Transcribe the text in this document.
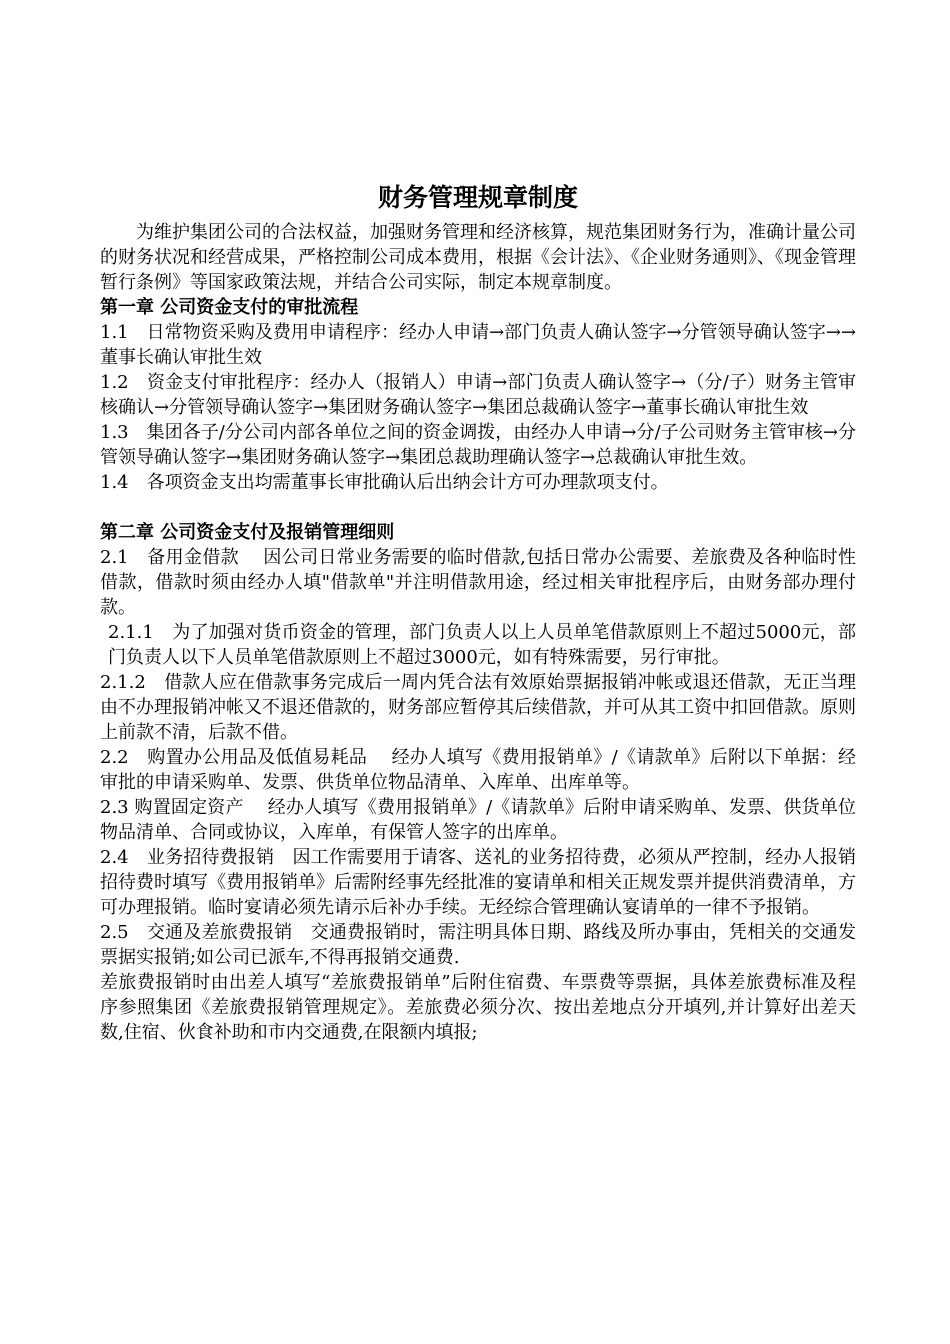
财务管理规章制度

为维护集团公司的合法权益，加强财务管理和经济核算，规范集团财务行为，准确计量公司的财务状况和经营成果，严格控制公司成本费用，根据《会计法》、《企业财务通则》、《现金管理暂行条例》等国家政策法规，并结合公司实际，制定本规章制度。

第一章 公司资金支付的审批流程

1.1　日常物资采购及费用申请程序：经办人申请→部门负责人确认签字→分管领导确认签字→→董事长确认审批生效

1.2　资金支付审批程序：经办人（报销人）申请→部门负责人确认签字→（分/子）财务主管审核确认→分管领导确认签字→集团财务确认签字→集团总裁确认签字→董事长确认审批生效

1.3　集团各子/分公司内部各单位之间的资金调拨，由经办人申请→分/子公司财务主管审核→分管领导确认签字→集团财务确认签字→集团总裁助理确认签字→总裁确认审批生效。

1.4　各项资金支出均需董事长审批确认后出纳会计方可办理款项支付。

第二章 公司资金支付及报销管理细则

2.1　备用金借款　 因公司日常业务需要的临时借款,包括日常办公需要、差旅费及各种临时性借款，借款时须由经办人填"借款单"并注明借款用途，经过相关审批程序后，由财务部办理付款。

2.1.1　为了加强对货币资金的管理，部门负责人以上人员单笔借款原则上不超过5000元，部门负责人以下人员单笔借款原则上不超过3000元，如有特殊需要，另行审批。

2.1.2　借款人应在借款事务完成后一周内凭合法有效原始票据报销冲帐或退还借款，无正当理由不办理报销冲帐又不退还借款的，财务部应暂停其后续借款，并可从其工资中扣回借款。原则上前款不清，后款不借。

2.2　购置办公用品及低值易耗品　 经办人填写《费用报销单》/《请款单》后附以下单据：经审批的申请采购单、发票、供货单位物品清单、入库单、出库单等。

2.3 购置固定资产　 经办人填写《费用报销单》/《请款单》后附申请采购单、发票、供货单位物品清单、合同或协议，入库单，有保管人签字的出库单。

2.4　业务招待费报销　因工作需要用于请客、送礼的业务招待费，必须从严控制，经办人报销招待费时填写《费用报销单》后需附经事先经批准的宴请单和相关正规发票并提供消费清单，方可办理报销。临时宴请必须先请示后补办手续。无经综合管理确认宴请单的一律不予报销。

2.5　交通及差旅费报销　交通费报销时，需注明具体日期、路线及所办事由，凭相关的交通发票据实报销;如公司已派车,不得再报销交通费.

差旅费报销时由出差人填写“差旅费报销单”后附住宿费、车票费等票据，具体差旅费标准及程序参照集团《差旅费报销管理规定》。差旅费必须分次、按出差地点分开填列,并计算好出差天数,住宿、伙食补助和市内交通费,在限额内填报;
